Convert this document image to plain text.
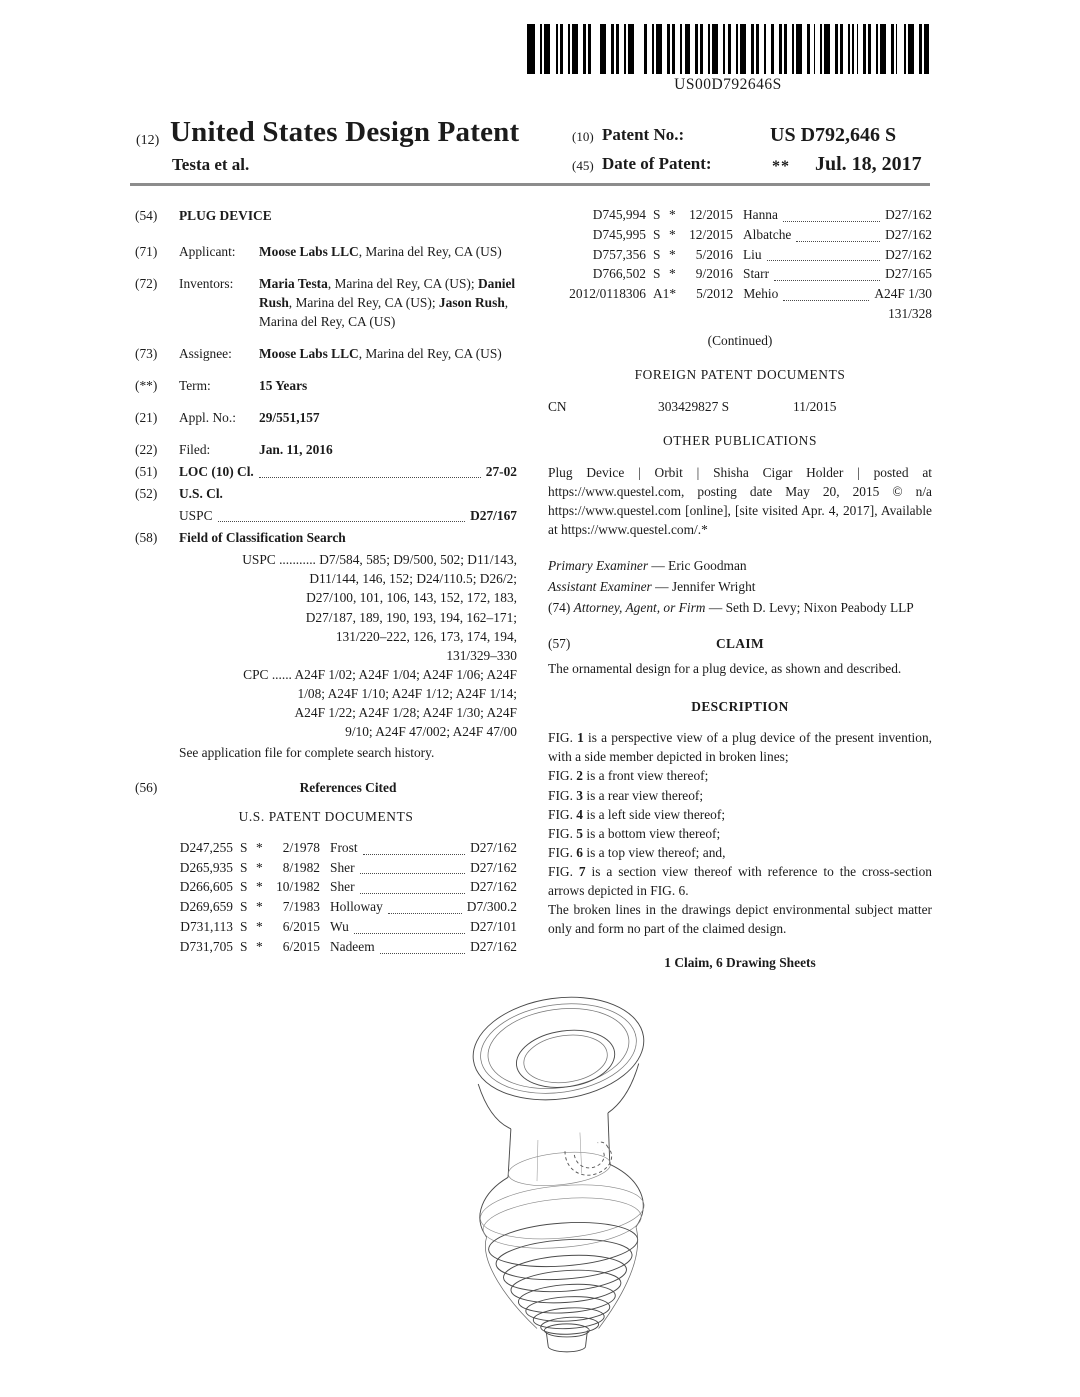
US00D792646S
(12) United States Design Patent
Testa et al.
(10) Patent No.:	US D792,646 S
(45) Date of Patent:	** Jul. 18, 2017
(54)	PLUG DEVICE
(71)	Applicant:	Moose Labs LLC, Marina del Rey, CA (US)
(72)	Inventors:	Maria Testa, Marina del Rey, CA (US); Daniel Rush, Marina del Rey, CA (US); Jason Rush, Marina del Rey, CA (US)
(73)	Assignee:	Moose Labs LLC, Marina del Rey, CA (US)
(**)	Term:	15 Years
(21)	Appl. No.:	29/551,157
(22)	Filed:	Jan. 11, 2016
(51)	LOC (10) Cl.	27-02
(52)	U.S. Cl.
USPC	D27/167
(58)	Field of Classification Search
USPC ........... D7/584, 585; D9/500, 502; D11/143,
D11/144, 146, 152; D24/110.5; D26/2;
D27/100, 101, 106, 143, 152, 172, 183,
D27/187, 189, 190, 193, 194, 162–171;
131/220–222, 126, 173, 174, 194,
131/329–330
CPC ...... A24F 1/02; A24F 1/04; A24F 1/06; A24F
1/08; A24F 1/10; A24F 1/12; A24F 1/14;
A24F 1/22; A24F 1/28; A24F 1/30; A24F
9/10; A24F 47/002; A24F 47/00
See application file for complete search history.
(56)	References Cited
U.S. PATENT DOCUMENTS
D247,255 S *	2/1978 Frost	D27/162
D265,935 S *	8/1982 Sher	D27/162
D266,605 S * 10/1982 Sher	D27/162
D269,659 S *	7/1983 Holloway	D7/300.2
D731,113 S *	6/2015 Wu	D27/101
D731,705 S *	6/2015 Nadeem	D27/162
D745,994 S * 12/2015 Hanna	D27/162
D745,995 S * 12/2015 Albatche	D27/162
D757,356 S *	5/2016 Liu	D27/162
D766,502 S *	9/2016 Starr	D27/165
2012/0118306 A1 *	5/2012 Mehio	A24F 1/30
131/328
(Continued)
FOREIGN PATENT DOCUMENTS
CN	303429827 S	11/2015
OTHER PUBLICATIONS
Plug Device | Orbit | Shisha Cigar Holder | posted at https://www.questel.com, posting date May 20, 2015 © n/a https://www.questel.com [online], [site visited Apr. 4, 2017], Available at https://www.questel.com/.*
Primary Examiner — Eric Goodman
Assistant Examiner — Jennifer Wright
(74) Attorney, Agent, or Firm — Seth D. Levy; Nixon Peabody LLP
(57)	CLAIM
The ornamental design for a plug device, as shown and described.
DESCRIPTION
FIG. 1 is a perspective view of a plug device of the present invention, with a side member depicted in broken lines;
FIG. 2 is a front view thereof;
FIG. 3 is a rear view thereof;
FIG. 4 is a left side view thereof;
FIG. 5 is a bottom view thereof;
FIG. 6 is a top view thereof; and,
FIG. 7 is a section view thereof with reference to the cross-section arrows depicted in FIG. 6.
The broken lines in the drawings depict environmental subject matter only and form no part of the claimed design.
1 Claim, 6 Drawing Sheets
